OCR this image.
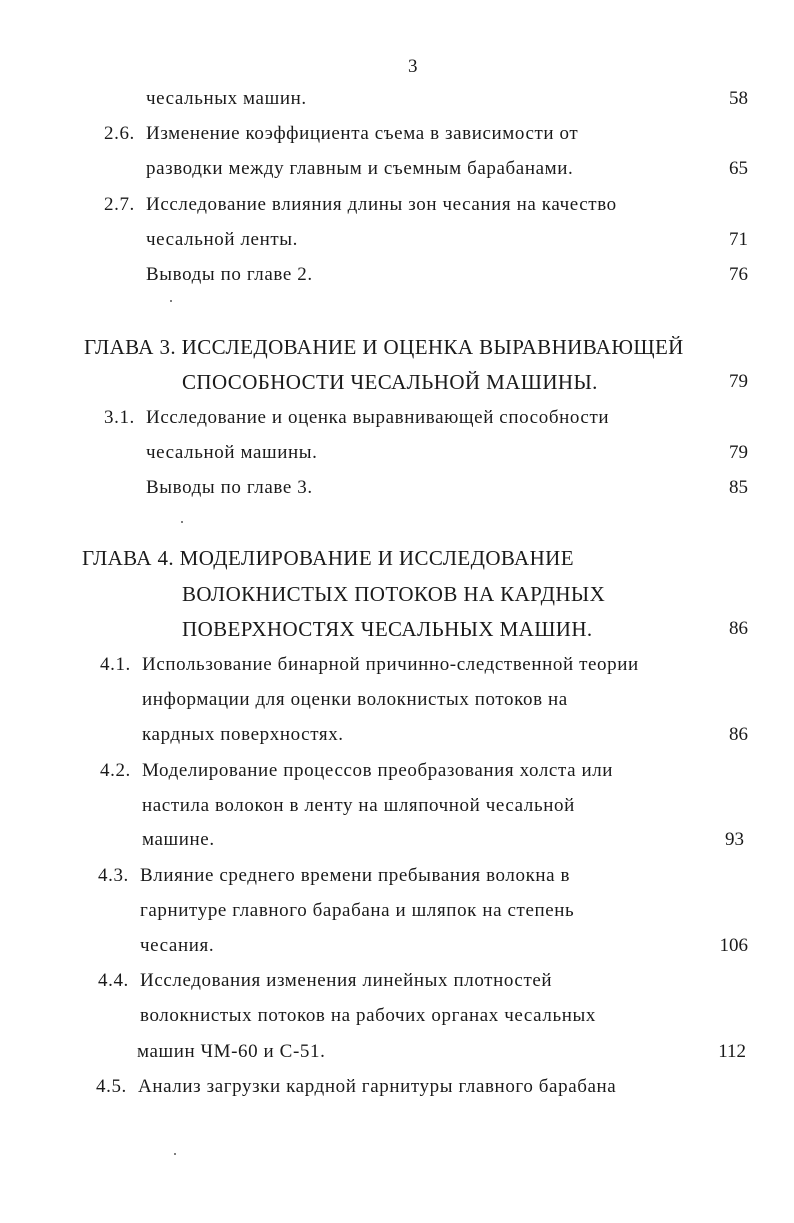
3
чесальных машин.	58
2.6. Изменение коэффициента съема в зависимости от
разводки между главным и съемным барабанами.	65
2.7. Исследование влияния длины зон чесания на качество
чесальной ленты.	71
Выводы по главе 2.	76
ГЛАВА 3. ИССЛЕДОВАНИЕ И ОЦЕНКА ВЫРАВНИВАЮЩЕЙ
СПОСОБНОСТИ ЧЕСАЛЬНОЙ МАШИНЫ.	79
3.1. Исследование и оценка выравнивающей способности
чесальной машины.	79
Выводы по главе 3.	85
ГЛАВА 4. МОДЕЛИРОВАНИЕ И ИССЛЕДОВАНИЕ
ВОЛОКНИСТЫХ ПОТОКОВ НА КАРДНЫХ
ПОВЕРХНОСТЯХ ЧЕСАЛЬНЫХ МАШИН.	86
4.1. Использование бинарной причинно-следственной теории
информации для оценки волокнистых потоков на
кардных поверхностях.	86
4.2. Моделирование процессов преобразования холста или
настила волокон в ленту на шляпочной чесальной
машине.	93
4.3. Влияние среднего времени пребывания волокна в
гарнитуре главного барабана и шляпок на степень
чесания.	106
4.4. Исследования изменения линейных плотностей
волокнистых потоков на рабочих органах чесальных
машин ЧМ-60 и С-51.	112
4.5. Анализ загрузки кардной гарнитуры главного барабана
